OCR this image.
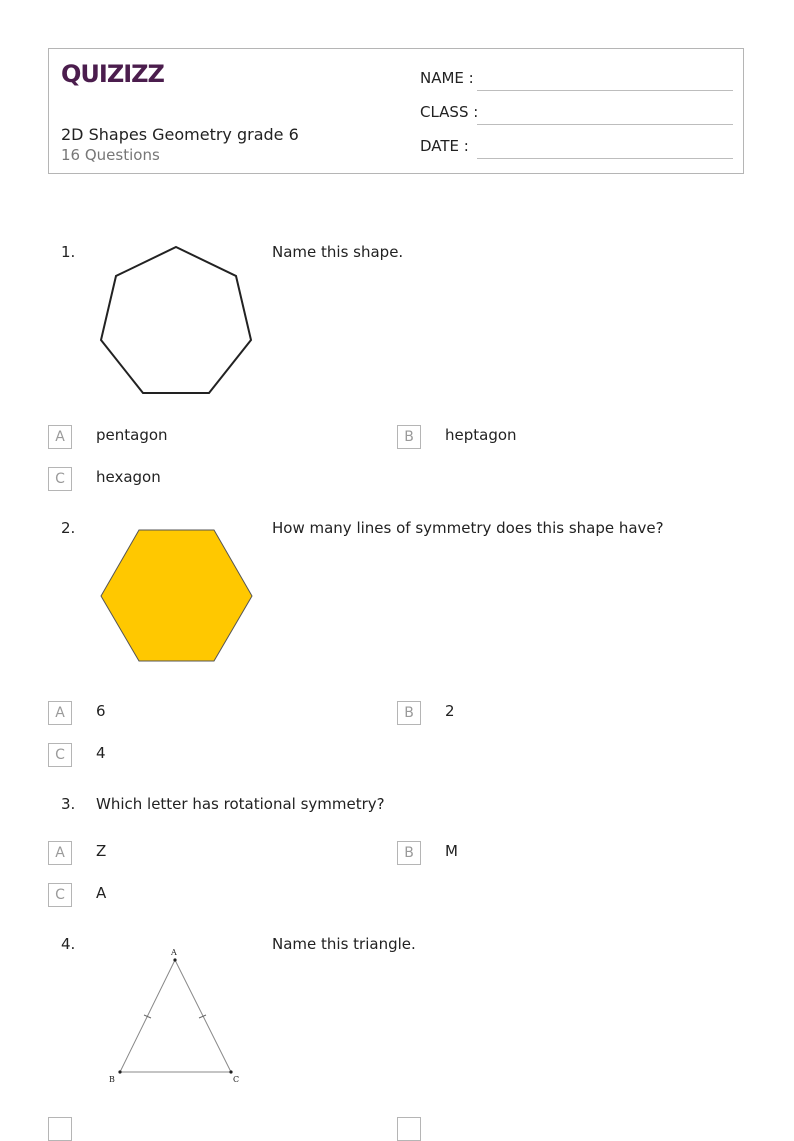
QUIZIZZ
2D Shapes Geometry grade 6
16 Questions
NAME :
CLASS :
DATE :
1.	Name this shape.
A	pentagon	B	heptagon
C	hexagon
2.	How many lines of symmetry does this shape have?
A	6	B	2
C	4
3. Which letter has rotational symmetry?
A	Z	B	M
C	A
4.	A
B	C
Name this triangle.
